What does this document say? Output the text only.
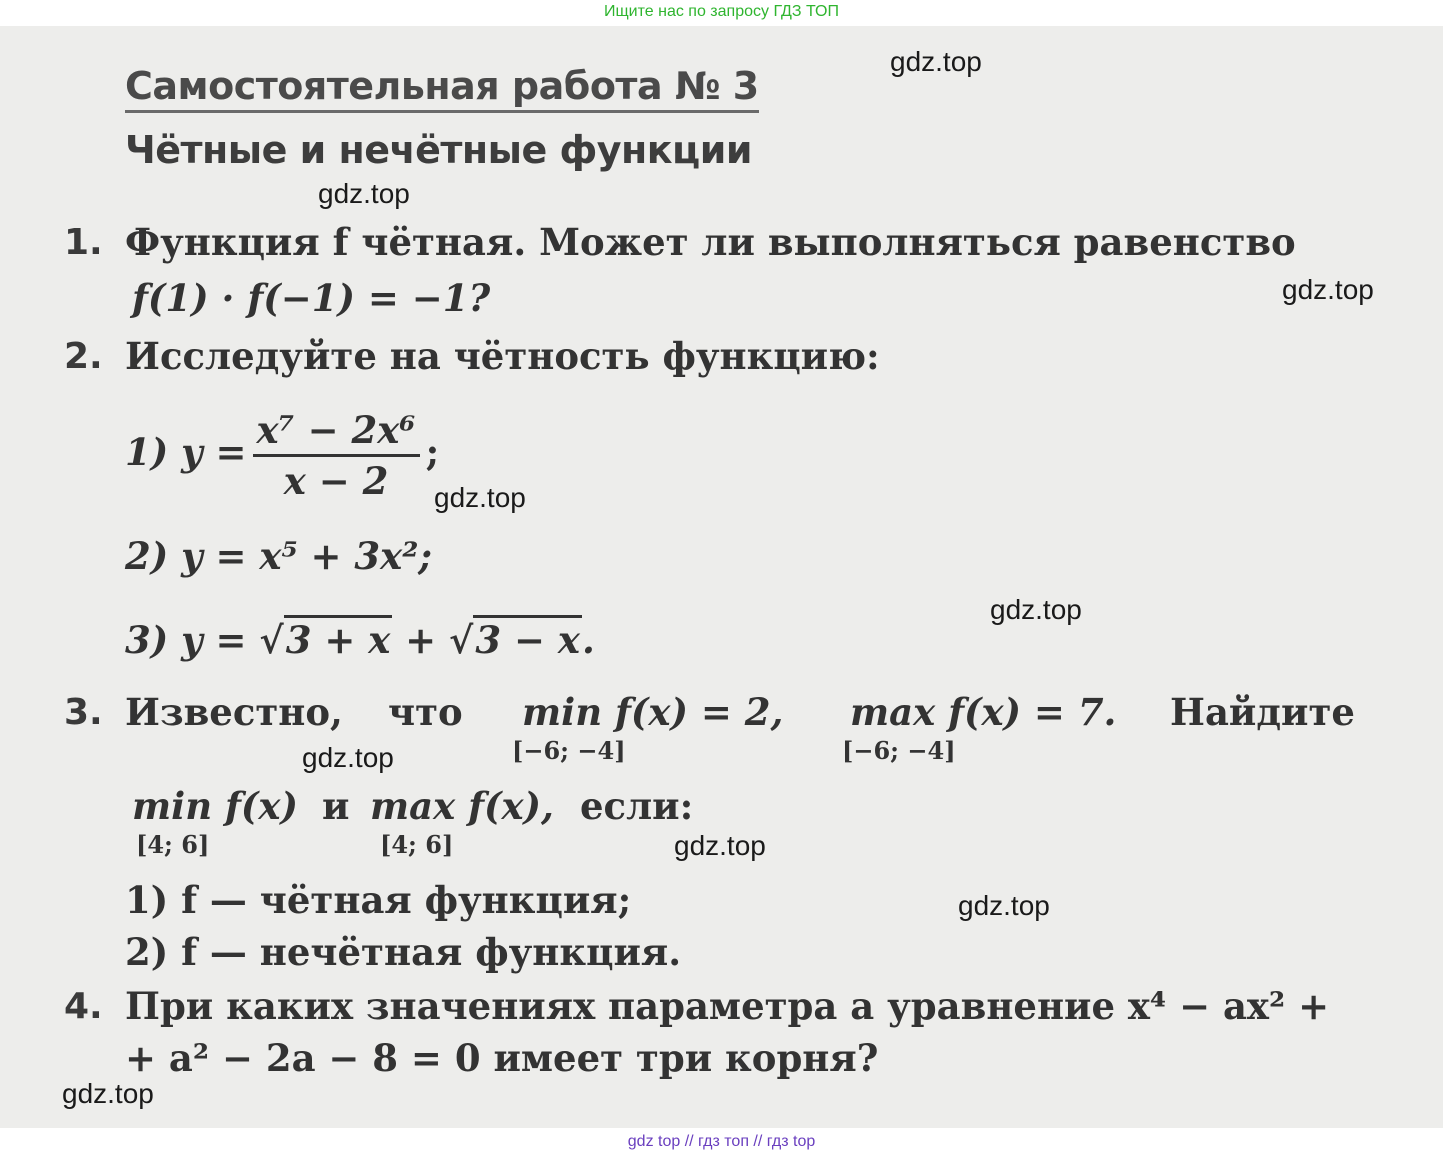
Ищите нас по запросу ГДЗ ТОП
Самостоятельная работа № 3
Чётные и нечётные функции
1. Функция f чётная. Может ли выполняться равенство
f(1) · f(−1) = −1?
2. Исследуйте на чётность функцию:
1) $y = \frac{\text{x⁷ − 2x⁶}}{x - 2}$ ;
2) y = x⁵ + 3x²;
3) y = √3 + x + √3 − x.
3. Известно, что min f(x) = 2,
[−6; −4]
max f(x) = 7.
[−6; −4]
Найдите
min f(x)
[4; 6]
и max f(x),
[4; 6]
если:
1) f — чётная функция;
2) f — нечётная функция.
4. При каких значениях параметра a уравнение x⁴ − ax² +
+ a² − 2a − 8 = 0 имеет три корня?
gdz.top
gdz.top
gdz.top
gdz.top
gdz.top
gdz.top
gdz.top
gdz.top
gdz.top
gdz top // гдз топ // гдз top
